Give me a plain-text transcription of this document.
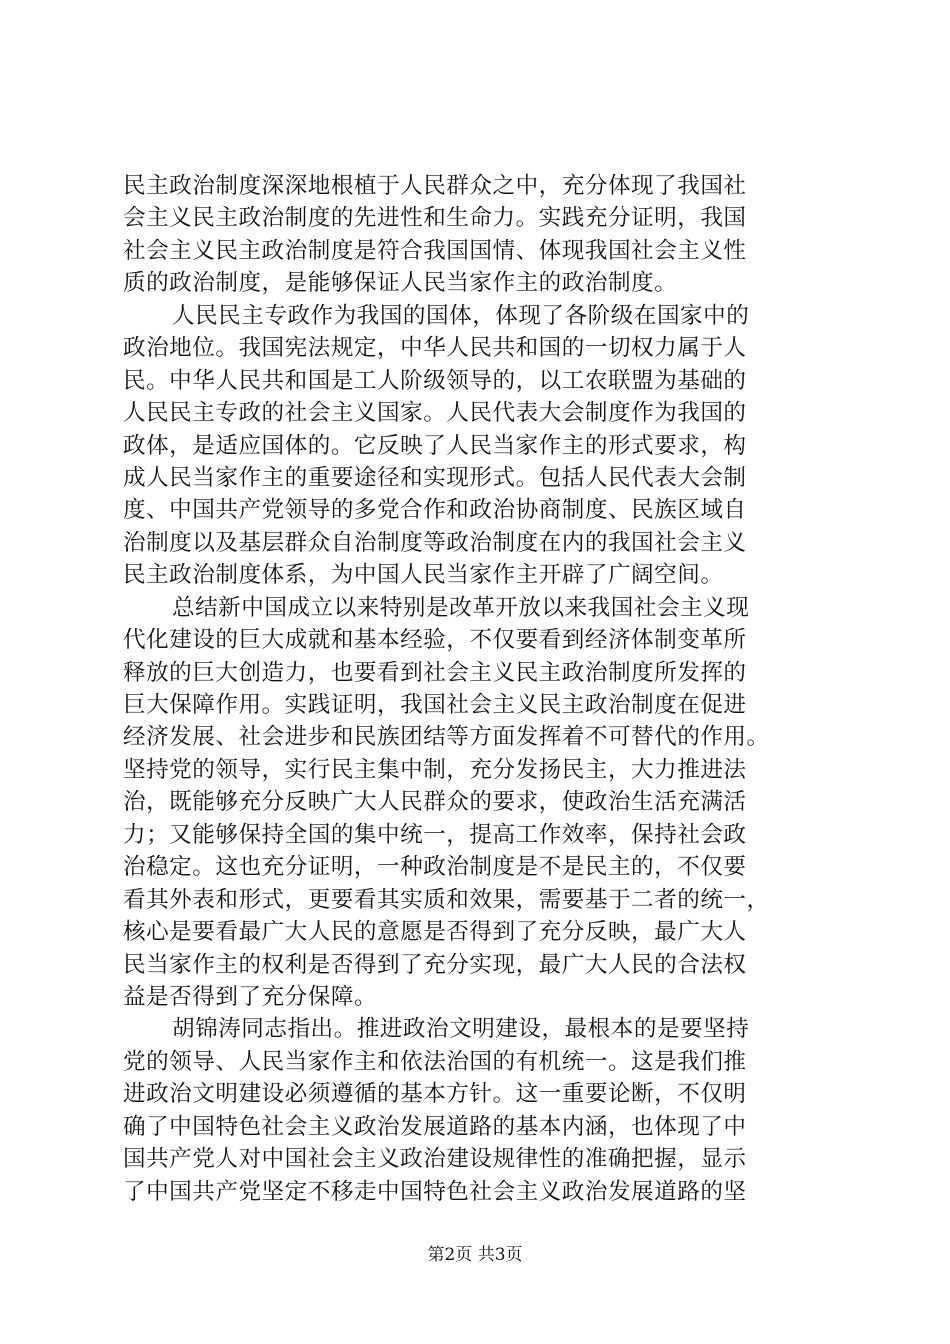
民主政治制度深深地根植于人民群众之中，充分体现了我国社
会主义民主政治制度的先进性和生命力。实践充分证明，我国
社会主义民主政治制度是符合我国国情、体现我国社会主义性
质的政治制度，是能够保证人民当家作主的政治制度。
人民民主专政作为我国的国体，体现了各阶级在国家中的
政治地位。我国宪法规定，中华人民共和国的一切权力属于人
民。中华人民共和国是工人阶级领导的，以工农联盟为基础的
人民民主专政的社会主义国家。人民代表大会制度作为我国的
政体，是适应国体的。它反映了人民当家作主的形式要求，构
成人民当家作主的重要途径和实现形式。包括人民代表大会制
度、中国共产党领导的多党合作和政治协商制度、民族区域自
治制度以及基层群众自治制度等政治制度在内的我国社会主义
民主政治制度体系，为中国人民当家作主开辟了广阔空间。
总结新中国成立以来特别是改革开放以来我国社会主义现
代化建设的巨大成就和基本经验，不仅要看到经济体制变革所
释放的巨大创造力，也要看到社会主义民主政治制度所发挥的
巨大保障作用。实践证明，我国社会主义民主政治制度在促进
经济发展、社会进步和民族团结等方面发挥着不可替代的作用。
坚持党的领导，实行民主集中制，充分发扬民主，大力推进法
治，既能够充分反映广大人民群众的要求，使政治生活充满活
力；又能够保持全国的集中统一，提高工作效率，保持社会政
治稳定。这也充分证明，一种政治制度是不是民主的，不仅要
看其外表和形式，更要看其实质和效果，需要基于二者的统一，
核心是要看最广大人民的意愿是否得到了充分反映，最广大人
民当家作主的权利是否得到了充分实现，最广大人民的合法权
益是否得到了充分保障。
胡锦涛同志指出。推进政治文明建设，最根本的是要坚持
党的领导、人民当家作主和依法治国的有机统一。这是我们推
进政治文明建设必须遵循的基本方针。这一重要论断，不仅明
确了中国特色社会主义政治发展道路的基本内涵，也体现了中
国共产党人对中国社会主义政治建设规律性的准确把握，显示
了中国共产党坚定不移走中国特色社会主义政治发展道路的坚
第2页 共3页
